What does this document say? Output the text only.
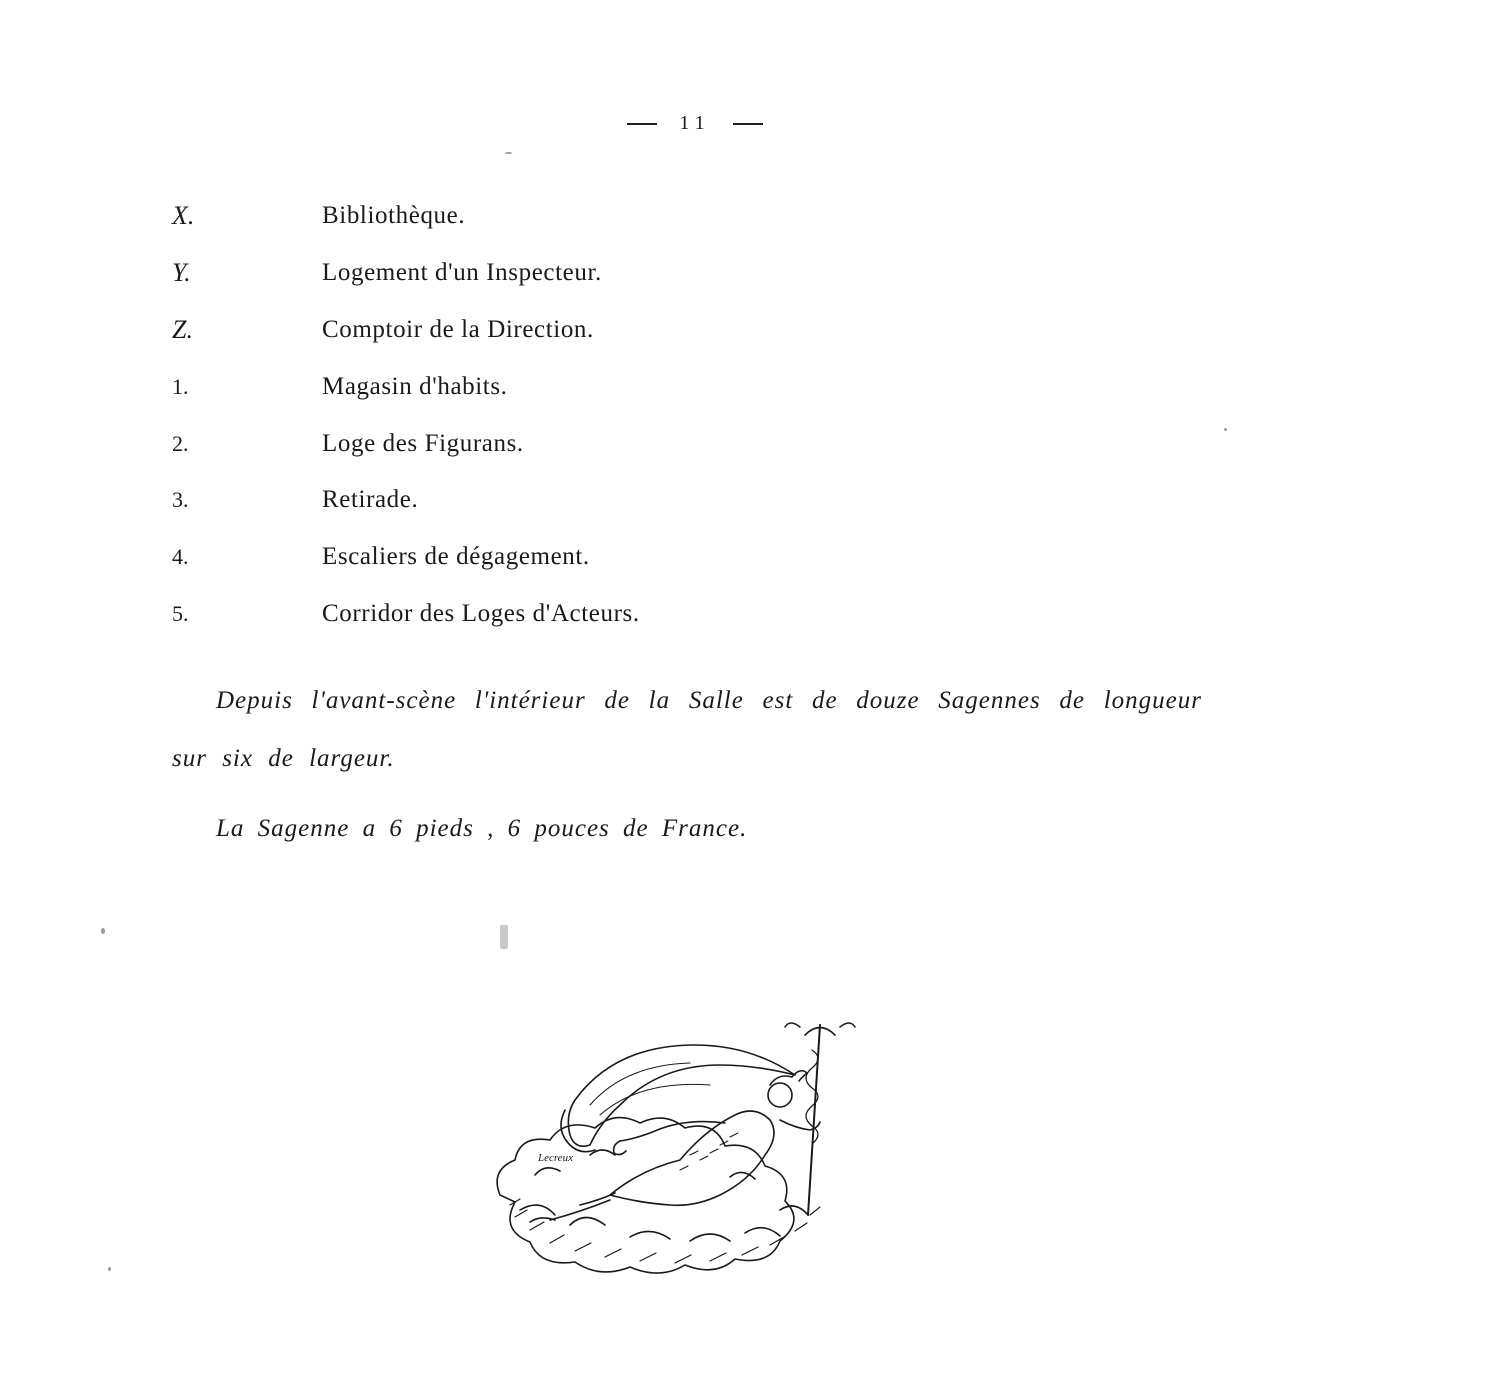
11
X.	Bibliothèque.
Y.	Logement d'un Inspecteur.
Z.	Comptoir de la Direction.
1.	Magasin d'habits.
2.	Loge des Figurans.
3.	Retirade.
4.	Escaliers de dégagement.
5.	Corridor des Loges d'Acteurs.
Depuis l'avant-scène l'intérieur de la Salle est de douze Sagennes de longueur sur six de largeur.
La Sagenne a 6 pieds , 6 pouces de France.
Lecreux
